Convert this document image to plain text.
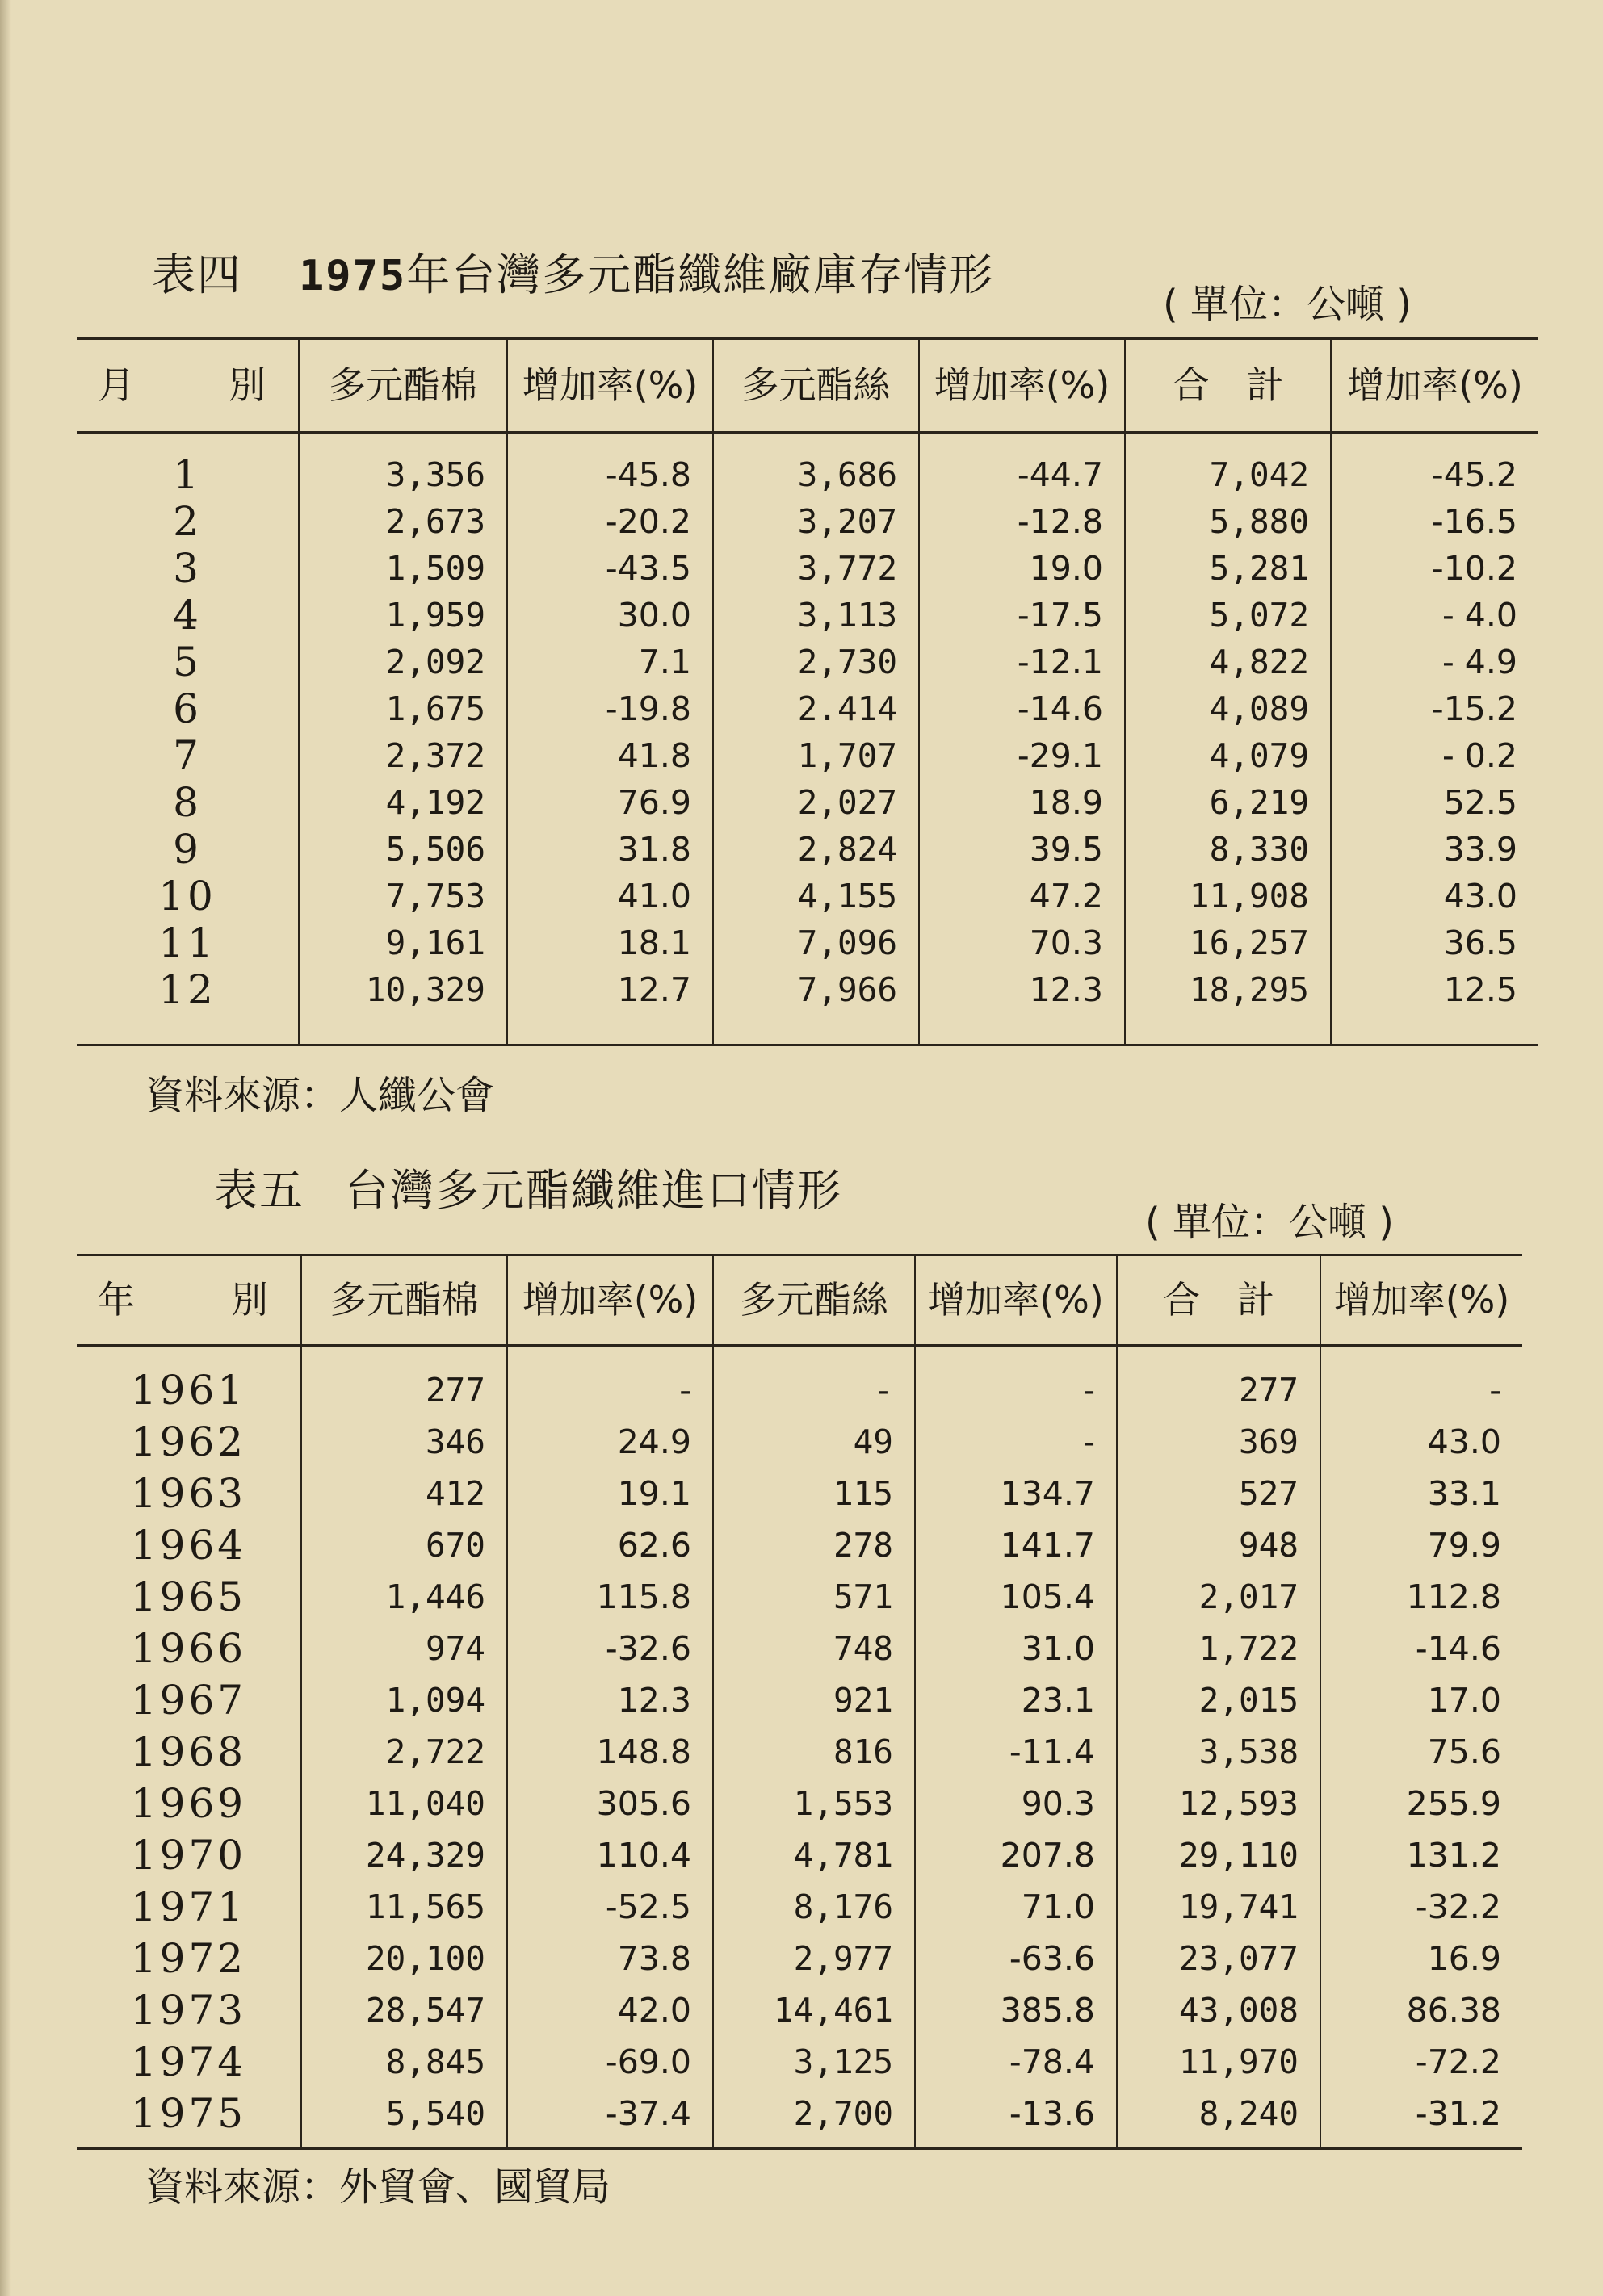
表四 1975年台灣多元酯纖維廠庫存情形
( 單位：公噸 )
月　　別	多元酯棉	增加率(%)	多元酯絲	增加率(%)	合　計	增加率(%)

1	3,356	-45.8	3,686	-44.7	7,042	-45.2
2	2,673	-20.2	3,207	-12.8	5,880	-16.5
3	1,509	-43.5	3,772	19.0	5,281	-10.2
4	1,959	30.0	3,113	-17.5	5,072	- 4.0
5	2,092	7.1	2,730	-12.1	4,822	- 4.9
6	1,675	-19.8	2.414	-14.6	4,089	-15.2
7	2,372	41.8	1,707	-29.1	4,079	- 0.2
8	4,192	76.9	2,027	18.9	6,219	52.5
9	5,506	31.8	2,824	39.5	8,330	33.9
10	7,753	41.0	4,155	47.2	11,908	43.0
11	9,161	18.1	7,096	70.3	16,257	36.5
12	10,329	12.7	7,966	12.3	18,295	12.5

資料來源：人纖公會
表五 台灣多元酯纖維進口情形
( 單位：公噸 )
年　　別	多元酯棉	增加率(%)	多元酯絲	增加率(%)	合　計	增加率(%)

1961	277	-	-	-	277	-
1962	346	24.9	49	-	369	43.0
1963	412	19.1	115	134.7	527	33.1
1964	670	62.6	278	141.7	948	79.9
1965	1,446	115.8	571	105.4	2,017	112.8
1966	974	-32.6	748	31.0	1,722	-14.6
1967	1,094	12.3	921	23.1	2,015	17.0
1968	2,722	148.8	816	-11.4	3,538	75.6
1969	11,040	305.6	1,553	90.3	12,593	255.9
1970	24,329	110.4	4,781	207.8	29,110	131.2
1971	11,565	-52.5	8,176	71.0	19,741	-32.2
1972	20,100	73.8	2,977	-63.6	23,077	16.9
1973	28,547	42.0	14,461	385.8	43,008	86.38
1974	8,845	-69.0	3,125	-78.4	11,970	-72.2
1975	5,540	-37.4	2,700	-13.6	8,240	-31.2

資料來源：外貿會、國貿局
